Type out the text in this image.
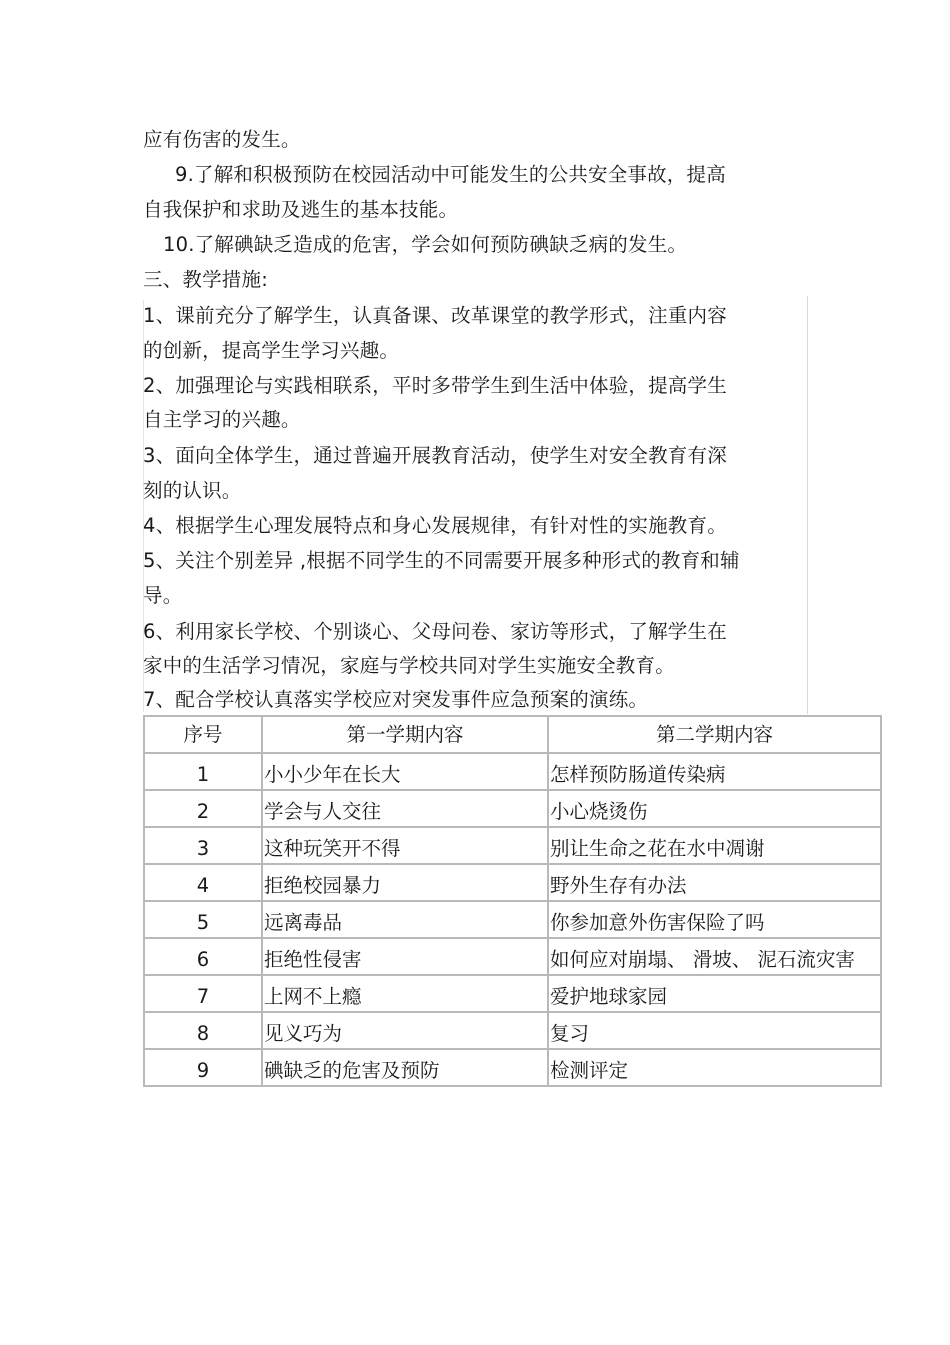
应有伤害的发生。
9.了解和积极预防在校园活动中可能发生的公共安全事故，提高
自我保护和求助及逃生的基本技能。
10.了解碘缺乏造成的危害，学会如何预防碘缺乏病的发生。
三、教学措施:
1、课前充分了解学生，认真备课、改革课堂的教学形式，注重内容
的创新，提高学生学习兴趣。
2、加强理论与实践相联系，平时多带学生到生活中体验，提高学生
自主学习的兴趣。
3、面向全体学生，通过普遍开展教育活动，使学生对安全教育有深
刻的认识。
4、根据学生心理发展特点和身心发展规律，有针对性的实施教育。
5、关注个别差异 ,根据不同学生的不同需要开展多种形式的教育和辅
导。
6、利用家长学校、个别谈心、父母问卷、家访等形式，了解学生在
家中的生活学习情况，家庭与学校共同对学生实施安全教育。
7、配合学校认真落实学校应对突发事件应急预案的演练。
序号	第一学期内容	第二学期内容
1	小小少年在长大	怎样预防肠道传染病
2	学会与人交往	小心烧烫伤
3	这种玩笑开不得	别让生命之花在水中凋谢
4	拒绝校园暴力	野外生存有办法
5	远离毒品	你参加意外伤害保险了吗
6	拒绝性侵害	如何应对崩塌、 滑坡、 泥石流灾害
7	上网不上瘾	爱护地球家园
8	见义巧为	复习
9	碘缺乏的危害及预防	检测评定
